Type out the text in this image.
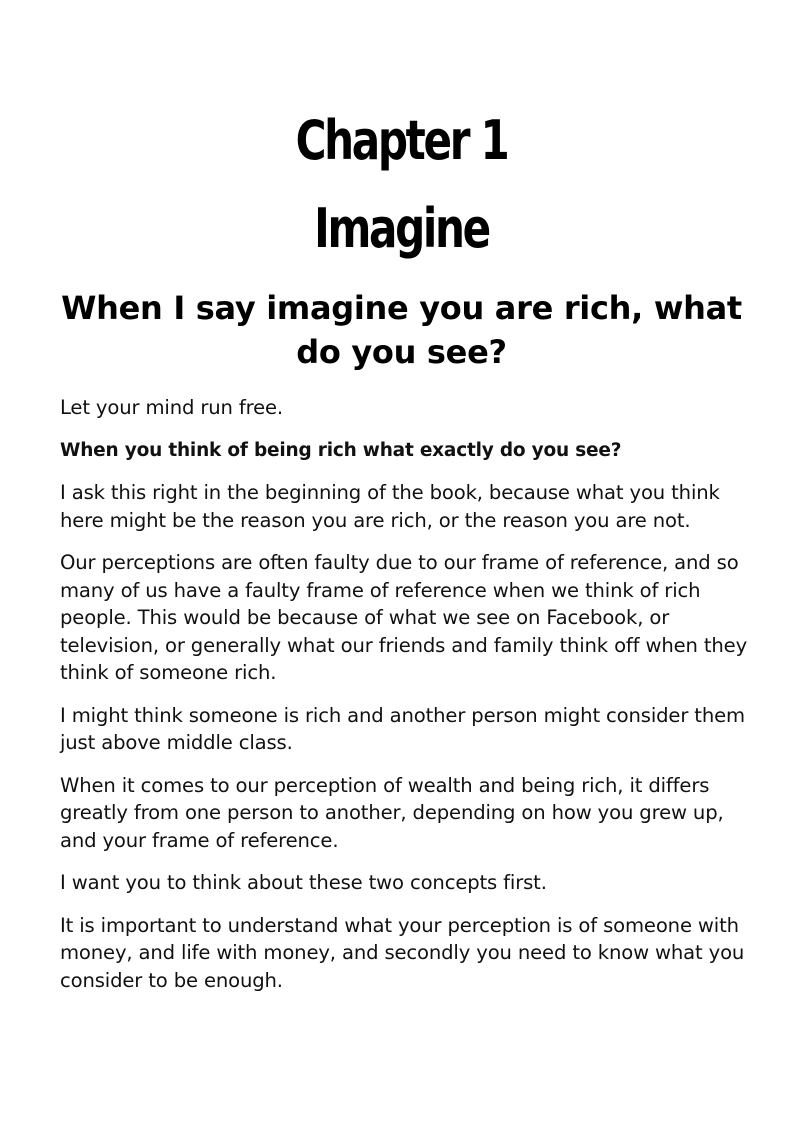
Chapter 1
Imagine
When I say imagine you are rich, what do you see?

Let your mind run free.

When you think of being rich what exactly do you see?

I ask this right in the beginning of the book, because what you think here might be the reason you are rich, or the reason you are not.

Our perceptions are often faulty due to our frame of reference, and so many of us have a faulty frame of reference when we think of rich people. This would be because of what we see on Facebook, or television, or generally what our friends and family think off when they think of someone rich.

I might think someone is rich and another person might consider them just above middle class.

When it comes to our perception of wealth and being rich, it differs greatly from one person to another, depending on how you grew up, and your frame of reference.

I want you to think about these two concepts first.

It is important to understand what your perception is of someone with money, and life with money, and secondly you need to know what you consider to be enough.
